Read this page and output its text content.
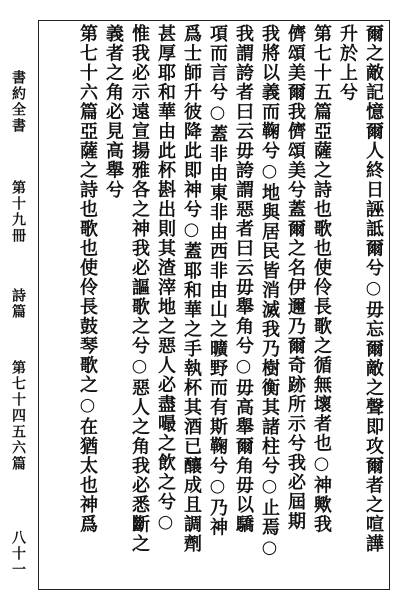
書約全書
第十九冊
詩篇
第七十四五六篇
八十一
爾之敵記憶爾人終日誣詆爾兮○毋忘爾敵之聲即攻爾者之喧譁
升於上兮
第七十五篇亞薩之詩也歌也使伶長歌之循無壞者也○神歟我
儕頌美爾我儕頌美兮蓋爾之名伊邇乃爾奇跡所示兮我必屆期
我將以義而鞠兮○地與居民皆消滅我乃樹衡其諸柱兮○止焉○
我謂誇者曰云毋誇謂惡者曰云毋舉角兮○毋高舉爾角毋以驕
項而言兮○蓋非由東非由西非由山之曠野而有斯鞠兮○乃神
爲士師升彼降此即神兮○蓋耶和華之手執杯其酒已釀成且調劑
甚厚耶和華由此杯斟出則其渣滓地之惡人必盡嘬之飲之兮○
惟我必示遠宣揚雅各之神我必謳歌之兮○惡人之角我必悉斷之
義者之角必見高舉兮
第七十六篇亞薩之詩也歌也使伶長鼓琴歌之○在猶太也神爲
